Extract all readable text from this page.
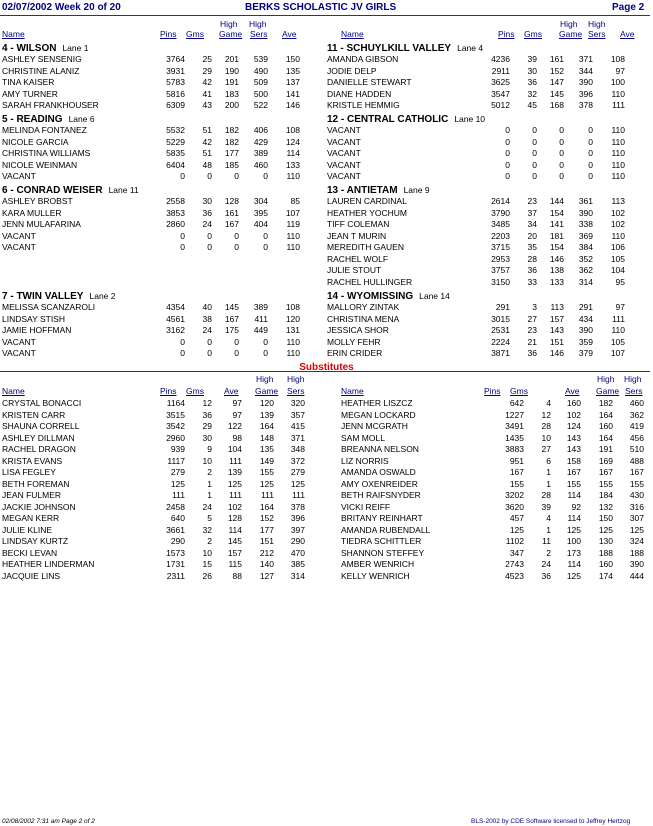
02/07/2002 Week 20 of 20	BERKS SCHOLASTIC JV GIRLS	Page 2
Name	Pins Gms
High
Game
High
Sers Ave	Name	Pins Gms
High
Game
High
Sers Ave
4 - WILSON Lane 1
ASHLEY SENSENIG	3764	25	201	539	150
CHRISTINE ALANIZ	3931	29	190	490	135
TINA KAISER	5783	42	191	509	137
AMY TURNER	5816	41	183	500	141
SARAH FRANKHOUSER	6309	43	200	522	146
5 - READING Lane 6
MELINDA FONTANEZ	5532	51	182	406	108
NICOLE GARCIA	5229	42	182	429	124
CHRISTINA WILLIAMS	5835	51	177	389	114
NICOLE WEINMAN	6404	48	185	460	133
VACANT	0	0	0	0	110
6 - CONRAD WEISER Lane 11
ASHLEY BROBST	2558	30	128	304	85
KARA MULLER	3853	36	161	395	107
JENN MULAFARINA	2860	24	167	404	119
VACANT	0	0	0	0	110
VACANT	0	0	0	0	110
7 - TWIN VALLEY Lane 2
MELISSA SCANZAROLI	4354	40	145	389	108
LINDSAY STISH	4561	38	167	411	120
JAMIE HOFFMAN	3162	24	175	449	131
VACANT	0	0	0	0	110
VACANT	0	0	0	0	110
11 - SCHUYLKILL VALLEY Lane 4
AMANDA GIBSON	4236	39	161	371	108
JODIE DELP	2911	30	152	344	97
DANIELLE STEWART	3625	36	147	390	100
DIANE HADDEN	3547	32	145	396	110
KRISTLE HEMMIG	5012	45	168	378	111
12 - CENTRAL CATHOLIC Lane 10
VACANT	0	0	0	0	110
VACANT	0	0	0	0	110
VACANT	0	0	0	0	110
VACANT	0	0	0	0	110
VACANT	0	0	0	0	110
13 - ANTIETAM Lane 9
LAUREN CARDINAL	2614	23	144	361	113
HEATHER YOCHUM	3790	37	154	390	102
TIFF COLEMAN	3485	34	141	338	102
JEAN T MURIN	2203	20	181	369	110
MEREDITH GAUEN	3715	35	154	384	106
RACHEL WOLF	2953	28	146	352	105
JULIE STOUT	3757	36	138	362	104
RACHEL HULLINGER	3150	33	133	314	95
14 - WYOMISSING Lane 14
MALLORY ZINTAK	291	3	113	291	97
CHRISTINA MENA	3015	27	157	434	111
JESSICA SHOR	2531	23	143	390	110
MOLLY FEHR	2224	21	151	359	105
ERIN CRIDER	3871	36	146	379	107
Substitutes
Name	Pins Gms Ave
High
Game
High
Sers	Name	Pins Gms	Ave
High
Game
High
Sers
CRYSTAL BONACCI	1164	12	97	120	320
KRISTEN CARR	3515	36	97	139	357
SHAUNA CORRELL	3542	29	122	164	415
ASHLEY DILLMAN	2960	30	98	148	371
RACHEL DRAGON	939	9	104	135	348
KRISTA EVANS	1117	10	111	149	372
LISA FEGLEY	279	2	139	155	279
BETH FOREMAN	125	1	125	125	125
JEAN FULMER	111	1	111	111	111
JACKIE JOHNSON	2458	24	102	164	378
MEGAN KERR	640	5	128	152	396
JULIE KLINE	3661	32	114	177	397
LINDSAY KURTZ	290	2	145	151	290
BECKI LEVAN	1573	10	157	212	470
HEATHER LINDERMAN	1731	15	115	140	385
JACQUIE LINS	2311	26	88	127	314
HEATHER LISZCZ	642	4	160	182	460
MEGAN LOCKARD	1227	12	102	164	362
JENN MCGRATH	3491	28	124	160	419
SAM MOLL	1435	10	143	164	456
BREANNA NELSON	3883	27	143	191	510
LIZ NORRIS	951	6	158	169	488
AMANDA OSWALD	167	1	167	167	167
AMY OXENREIDER	155	1	155	155	155
BETH RAIFSNYDER	3202	28	114	184	430
VICKI REIFF	3620	39	92	132	316
BRITANY REINHART	457	4	114	150	307
AMANDA RUBENDALL	125	1	125	125	125
TIEDRA SCHITTLER	1102	11	100	130	324
SHANNON STEFFEY	347	2	173	188	188
AMBER WENRICH	2743	24	114	160	390
KELLY WENRICH	4523	36	125	174	444
02/08/2002 7:31 am Page 2 of 2	BLS-2002 by CDE Software licensed to Jeffrey Hertzog
